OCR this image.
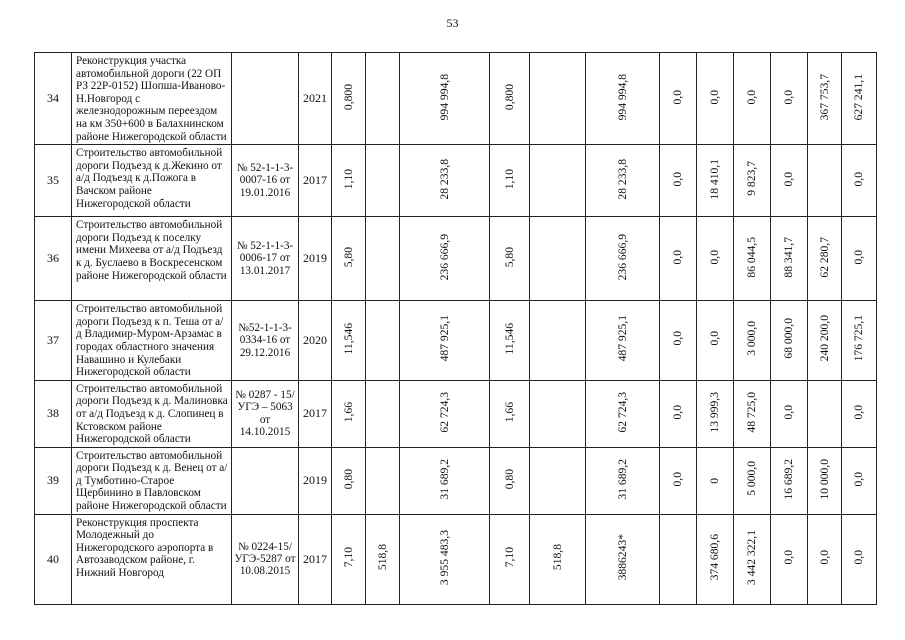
53
34	Реконструкция участка автомобильной дороги (22 ОП РЗ 22Р-0152) Шопша-Иваново-Н.Новгород с железнодорожным переездом на км 350+600 в Балахнинском районе Нижегородской области		2021	0,800		994 994,8	0,800		994 994,8	0,0	0,0	0,0	0,0	367 753,7	627 241,1
35	Строительство автомобильной дороги Подъезд к д.Жекино от а/д Подъезд к д.Пожога в Вачском районе Нижегородской области	№ 52-1-1-3-0007-16 от 19.01.2016	2017	1,10		28 233,8	1,10		28 233,8	0,0	18 410,1	9 823,7	0,0		0,0
36	Строительство автомобильной дороги Подъезд к поселку имени Михеева от а/д Подъезд к д. Буслаево в Воскресенском районе Нижегородской области	№ 52-1-1-3-0006-17 от 13.01.2017	2019	5,80		236 666,9	5,80		236 666,9	0,0	0,0	86 044,5	88 341,7	62 280,7	0,0
37	Строительство автомобильной дороги Подъезд к п. Теша от а/д Владимир-Муром-Арзамас в городах областного значения Навашино и Кулебаки Нижегородской области	№52-1-1-3-0334-16 от 29.12.2016	2020	11,546		487 925,1	11,546		487 925,1	0,0	0,0	3 000,0	68 000,0	240 200,0	176 725,1
38	Строительство автомобильной дороги Подъезд к д. Малиновка от а/д Подъезд к д. Слопинец в Кстовском районе Нижегородской области	№ 0287 - 15/УГЭ – 5063 от 14.10.2015	2017	1,66		62 724,3	1,66		62 724,3	0,0	13 999,3	48 725,0	0,0		0,0
39	Строительство автомобильной дороги Подъезд к д. Венец от а/д Тумботино-Старое Щербинино в Павловском районе Нижегородской области		2019	0,80		31 689,2	0,80		31 689,2	0,0	0	5 000,0	16 689,2	10 000,0	0,0
40	Реконструкция проспекта Молодежный до Нижегородского аэропорта в Автозаводском районе, г. Нижний Новгород	№ 0224-15/УГЭ-5287 от 10.08.2015	2017	7,10	518,8	3 955 483,3	7,10	518,8	3886243*		374 680,6	3 442 322,1	0,0	0,0	0,0
